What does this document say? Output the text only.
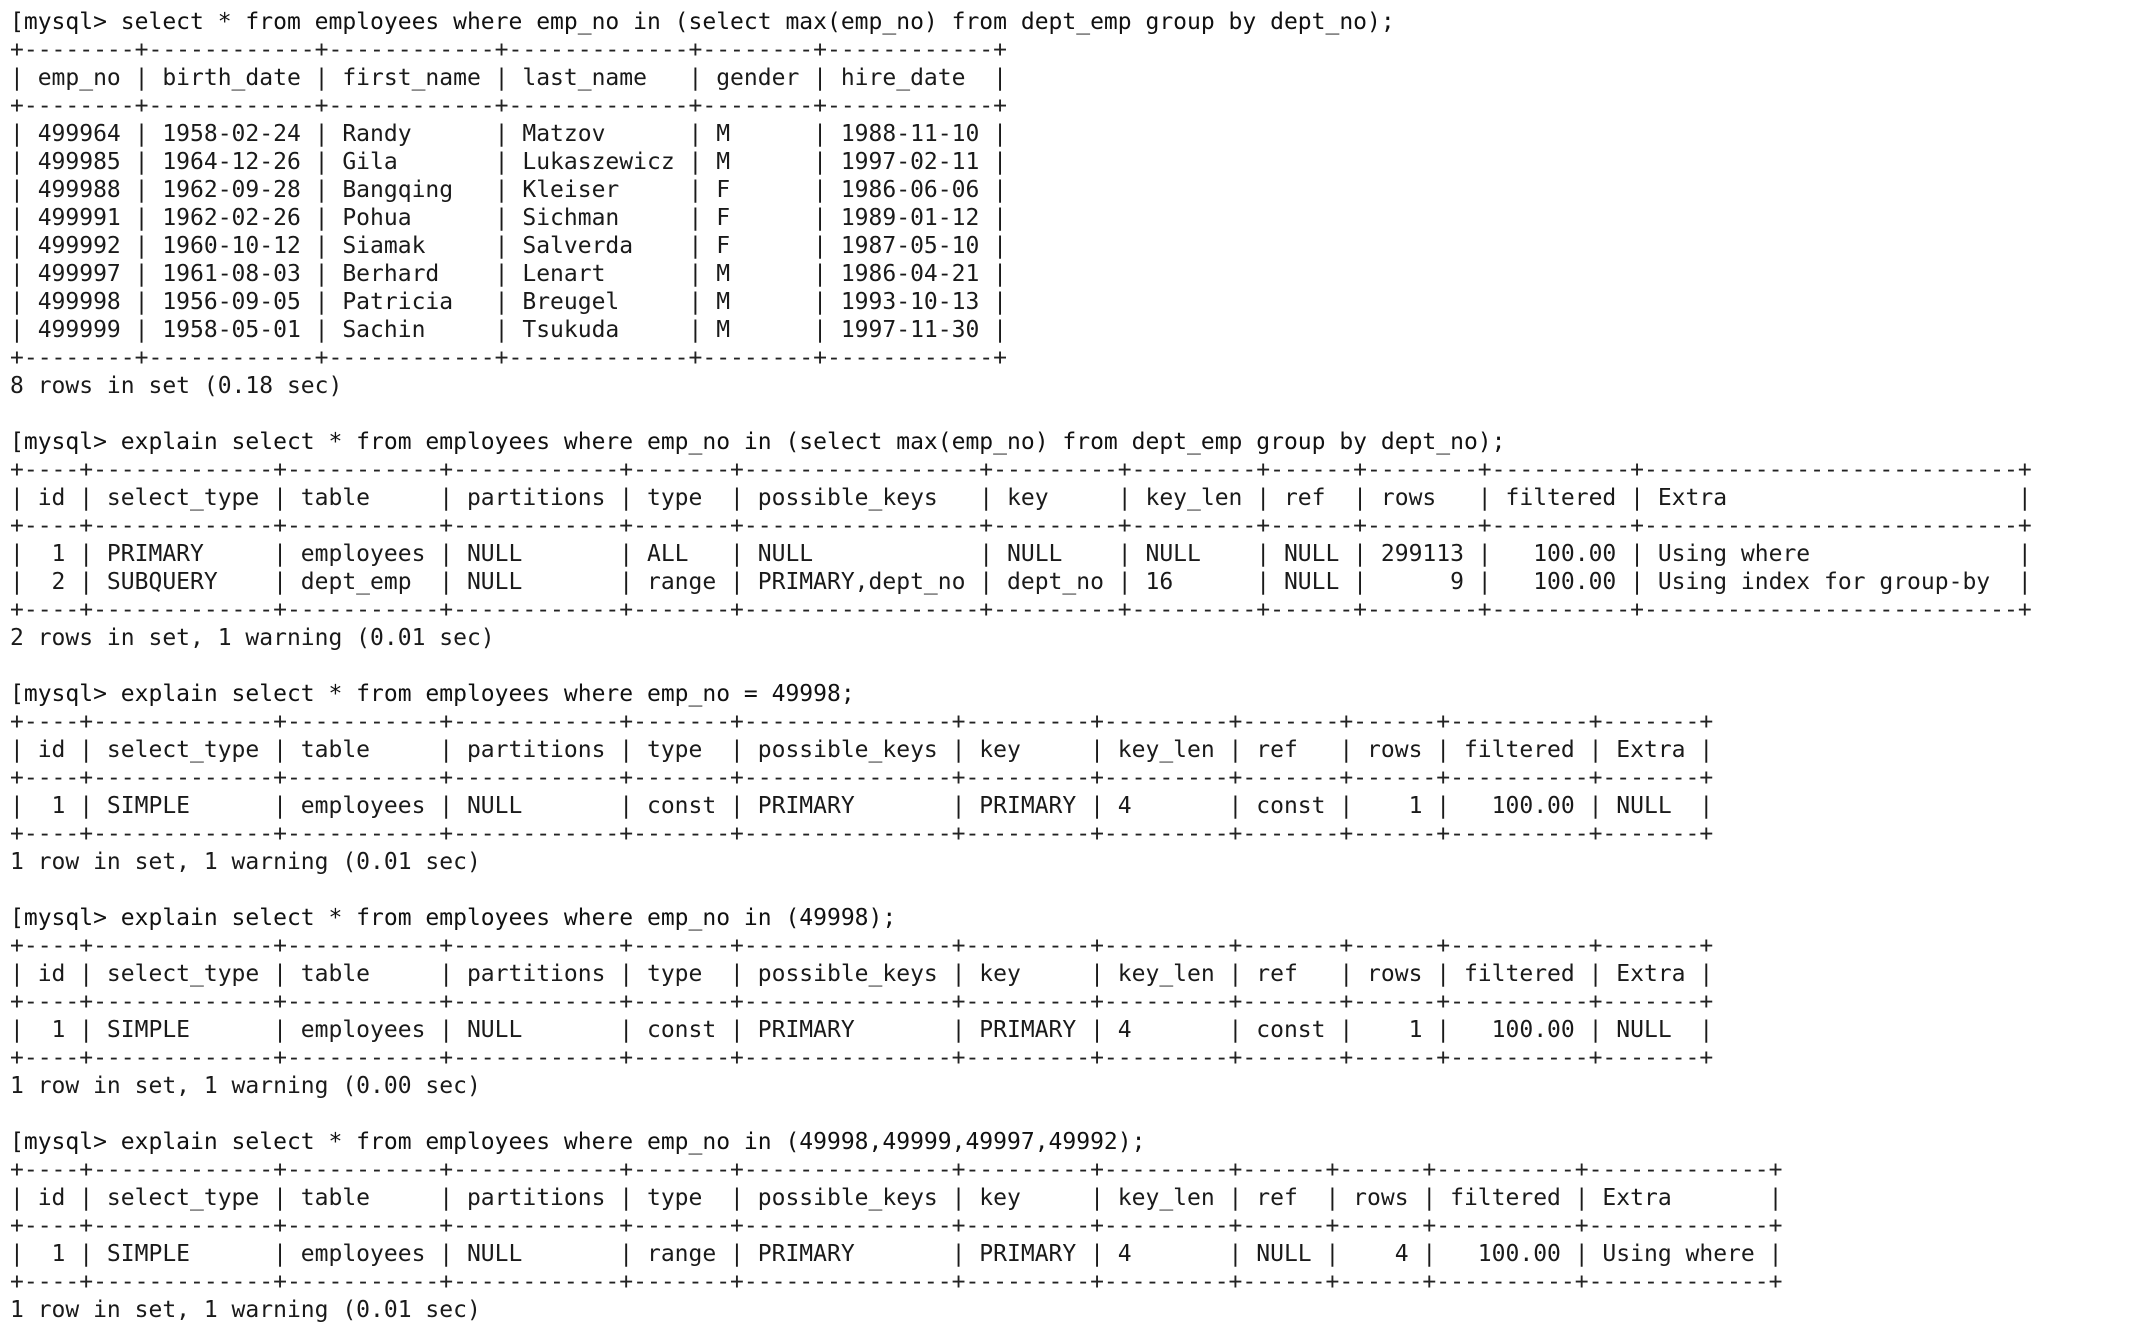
[mysql> select * from employees where emp_no in (select max(emp_no) from dept_emp group by dept_no);
+--------+------------+------------+-------------+--------+------------+
| emp_no | birth_date | first_name | last_name   | gender | hire_date  |
+--------+------------+------------+-------------+--------+------------+
| 499964 | 1958-02-24 | Randy      | Matzov      | M      | 1988-11-10 |
| 499985 | 1964-12-26 | Gila       | Lukaszewicz | M      | 1997-02-11 |
| 499988 | 1962-09-28 | Bangqing   | Kleiser     | F      | 1986-06-06 |
| 499991 | 1962-02-26 | Pohua      | Sichman     | F      | 1989-01-12 |
| 499992 | 1960-10-12 | Siamak     | Salverda    | F      | 1987-05-10 |
| 499997 | 1961-08-03 | Berhard    | Lenart      | M      | 1986-04-21 |
| 499998 | 1956-09-05 | Patricia   | Breugel     | M      | 1993-10-13 |
| 499999 | 1958-05-01 | Sachin     | Tsukuda     | M      | 1997-11-30 |
+--------+------------+------------+-------------+--------+------------+
8 rows in set (0.18 sec)
[mysql> explain select * from employees where emp_no in (select max(emp_no) from dept_emp group by dept_no);
+----+-------------+-----------+------------+-------+-----------------+---------+---------+------+--------+----------+---------------------------+
| id | select_type | table     | partitions | type  | possible_keys   | key     | key_len | ref  | rows   | filtered | Extra                     |
+----+-------------+-----------+------------+-------+-----------------+---------+---------+------+--------+----------+---------------------------+
|  1 | PRIMARY     | employees | NULL       | ALL   | NULL            | NULL    | NULL    | NULL | 299113 |   100.00 | Using where               |
|  2 | SUBQUERY    | dept_emp  | NULL       | range | PRIMARY,dept_no | dept_no | 16      | NULL |      9 |   100.00 | Using index for group-by  |
+----+-------------+-----------+------------+-------+-----------------+---------+---------+------+--------+----------+---------------------------+
2 rows in set, 1 warning (0.01 sec)
[mysql> explain select * from employees where emp_no = 49998;
+----+-------------+-----------+------------+-------+---------------+---------+---------+-------+------+----------+-------+
| id | select_type | table     | partitions | type  | possible_keys | key     | key_len | ref   | rows | filtered | Extra |
+----+-------------+-----------+------------+-------+---------------+---------+---------+-------+------+----------+-------+
|  1 | SIMPLE      | employees | NULL       | const | PRIMARY       | PRIMARY | 4       | const |    1 |   100.00 | NULL  |
+----+-------------+-----------+------------+-------+---------------+---------+---------+-------+------+----------+-------+
1 row in set, 1 warning (0.01 sec)
[mysql> explain select * from employees where emp_no in (49998);
+----+-------------+-----------+------------+-------+---------------+---------+---------+-------+------+----------+-------+
| id | select_type | table     | partitions | type  | possible_keys | key     | key_len | ref   | rows | filtered | Extra |
+----+-------------+-----------+------------+-------+---------------+---------+---------+-------+------+----------+-------+
|  1 | SIMPLE      | employees | NULL       | const | PRIMARY       | PRIMARY | 4       | const |    1 |   100.00 | NULL  |
+----+-------------+-----------+------------+-------+---------------+---------+---------+-------+------+----------+-------+
1 row in set, 1 warning (0.00 sec)
[mysql> explain select * from employees where emp_no in (49998,49999,49997,49992);
+----+-------------+-----------+------------+-------+---------------+---------+---------+------+------+----------+-------------+
| id | select_type | table     | partitions | type  | possible_keys | key     | key_len | ref  | rows | filtered | Extra       |
+----+-------------+-----------+------------+-------+---------------+---------+---------+------+------+----------+-------------+
|  1 | SIMPLE      | employees | NULL       | range | PRIMARY       | PRIMARY | 4       | NULL |    4 |   100.00 | Using where |
+----+-------------+-----------+------------+-------+---------------+---------+---------+------+------+----------+-------------+
1 row in set, 1 warning (0.01 sec)
